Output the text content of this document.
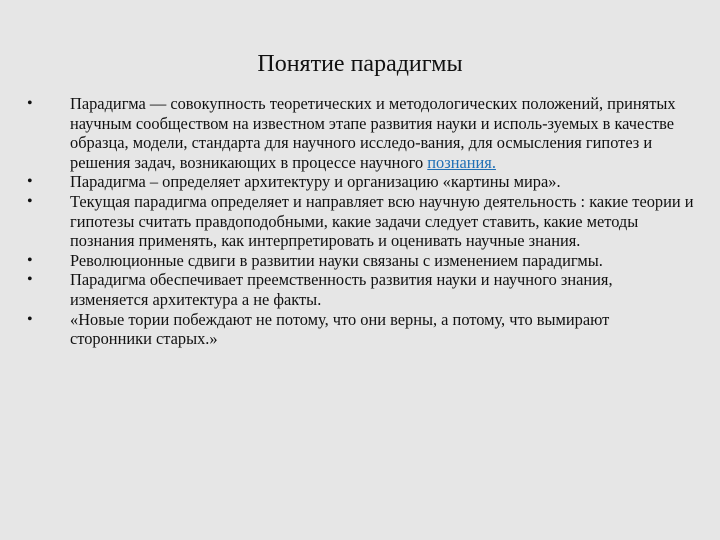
Понятие парадигмы
•	Парадигма — совокупность теоретических и методологических положений, принятых научным сообществом на известном этапе развития науки и исполь-зуемых в качестве образца, модели, стандарта для научного исследо-вания, для осмысления гипотез и решения задач, возникающих в процессе научного познания.
•	Парадигма – определяет архитектуру и организацию «картины мира».
•	Текущая парадигма определяет и направляет всю научную деятельность : какие теории и гипотезы считать правдоподобными, какие задачи следует ставить, какие методы познания применять, как интерпретировать и оценивать научные знания.
•	Революционные сдвиги в развитии науки связаны с изменением парадигмы.
•	Парадигма обеспечивает преемственность развития науки и научного знания, изменяется архитектура а не факты.
•	«Новые тории побеждают не потому, что они верны, а потому, что вымирают сторонники старых.»
